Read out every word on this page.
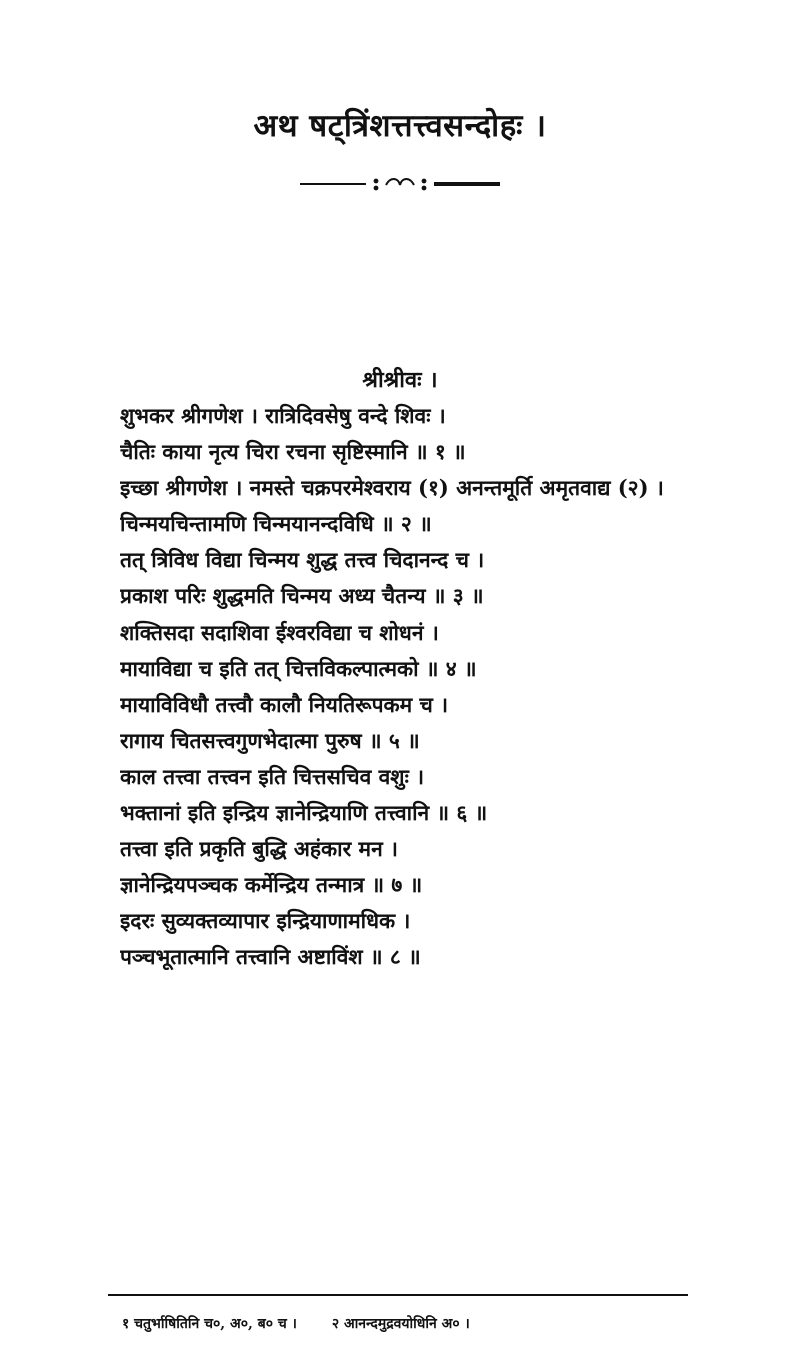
अथ षट्त्रिंशत्तत्त्वसन्दोहः ।
श्रीश्रीवः ।
शुभकर श्रीगणेश । रात्रिदिवसेषु वन्दे शिवः ।
चैतिः काया नृत्य चिरा रचना सृष्टिस्मानि ॥ १ ॥
इच्छा श्रीगणेश । नमस्ते चक्रपरमेश्वराय (१) अनन्तमूर्ति अमृतवाद्य (२) ।
चिन्मयचिन्तामणि चिन्मयानन्दविधि ॥ २ ॥
तत् त्रिविध विद्या चिन्मय शुद्ध तत्त्व चिदानन्द च ।
प्रकाश परिः शुद्धमति चिन्मय अध्य चैतन्य ॥ ३ ॥
शक्तिसदा सदाशिवा ईश्वरविद्या च शोधनं ।
मायाविद्या च इति तत् चित्तविकल्पात्मको ॥ ४ ॥
मायाविविधौ तत्त्वौ कालौ नियतिरूपकम च ।
रागाय चितसत्त्वगुणभेदात्मा पुरुष ॥ ५ ॥
काल तत्त्वा तत्त्वन इति चित्तसचिव वशुः ।
भक्तानां इति इन्द्रिय ज्ञानेन्द्रियाणि तत्त्वानि ॥ ६ ॥
तत्त्वा इति प्रकृति बुद्धि अहंकार मन ।
ज्ञानेन्द्रियपञ्चक कर्मेन्द्रिय तन्मात्र ॥ ७ ॥
इदरः सुव्यक्तव्यापार इन्द्रियाणामधिक ।
पञ्चभूतात्मानि तत्त्वानि अष्टाविंश ॥ ८ ॥
१ चतुर्भाषितिनि च०, अ०, ब० च । २ आनन्दमुद्रवयोधिनि अ० ।
